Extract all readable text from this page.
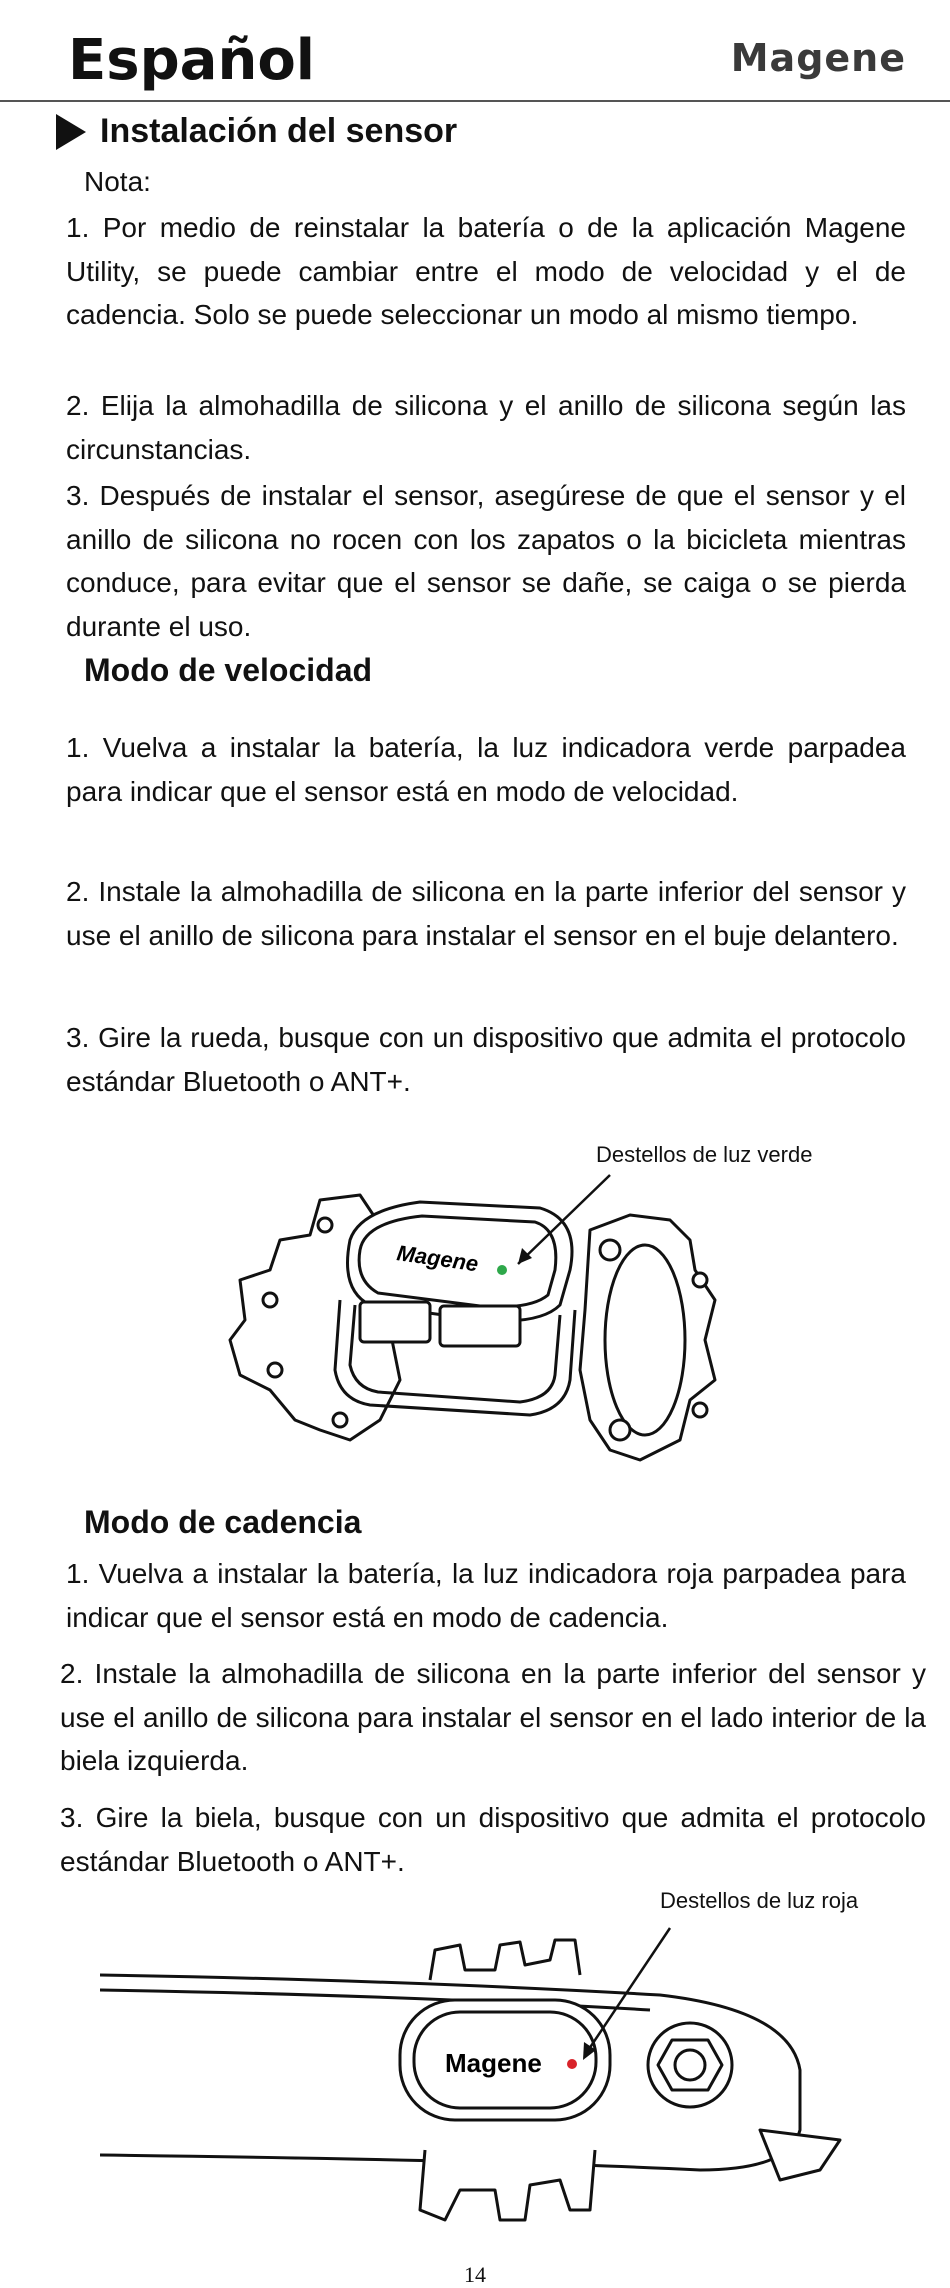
Español	Magene
Instalación del sensor
Nota:
1. Por medio de reinstalar la batería o de la aplicación Magene Utility, se puede cambiar entre el modo de velocidad y el de cadencia. Solo se puede seleccionar un modo al mismo tiempo.
2. Elija la almohadilla de silicona y el anillo de silicona según las circunstancias.
3. Después de instalar el sensor, asegúrese de que el sensor y el anillo de silicona no rocen con los zapatos o la bicicleta mientras conduce, para evitar que el sensor se dañe, se caiga o se pierda durante el uso.
Modo de velocidad
1. Vuelva a instalar la batería, la luz indicadora verde parpadea para indicar que el sensor está en modo de velocidad.
2. Instale la almohadilla de silicona en la parte inferior del sensor y use el anillo de silicona para instalar el sensor en el buje delantero.
3. Gire la rueda, busque con un dispositivo que admita el protocolo estándar Bluetooth o ANT+.
Magene
Destellos de luz verde
Modo de cadencia
1. Vuelva a instalar la batería, la luz indicadora roja parpadea para indicar que el sensor está en modo de cadencia.
2. Instale la almohadilla de silicona en la parte inferior del sensor y use el anillo de silicona para instalar el sensor en el lado interior de la biela izquierda.
3. Gire la biela, busque con un dispositivo que admita el protocolo estándar Bluetooth o ANT+.
Destellos de luz roja
Magene
14
